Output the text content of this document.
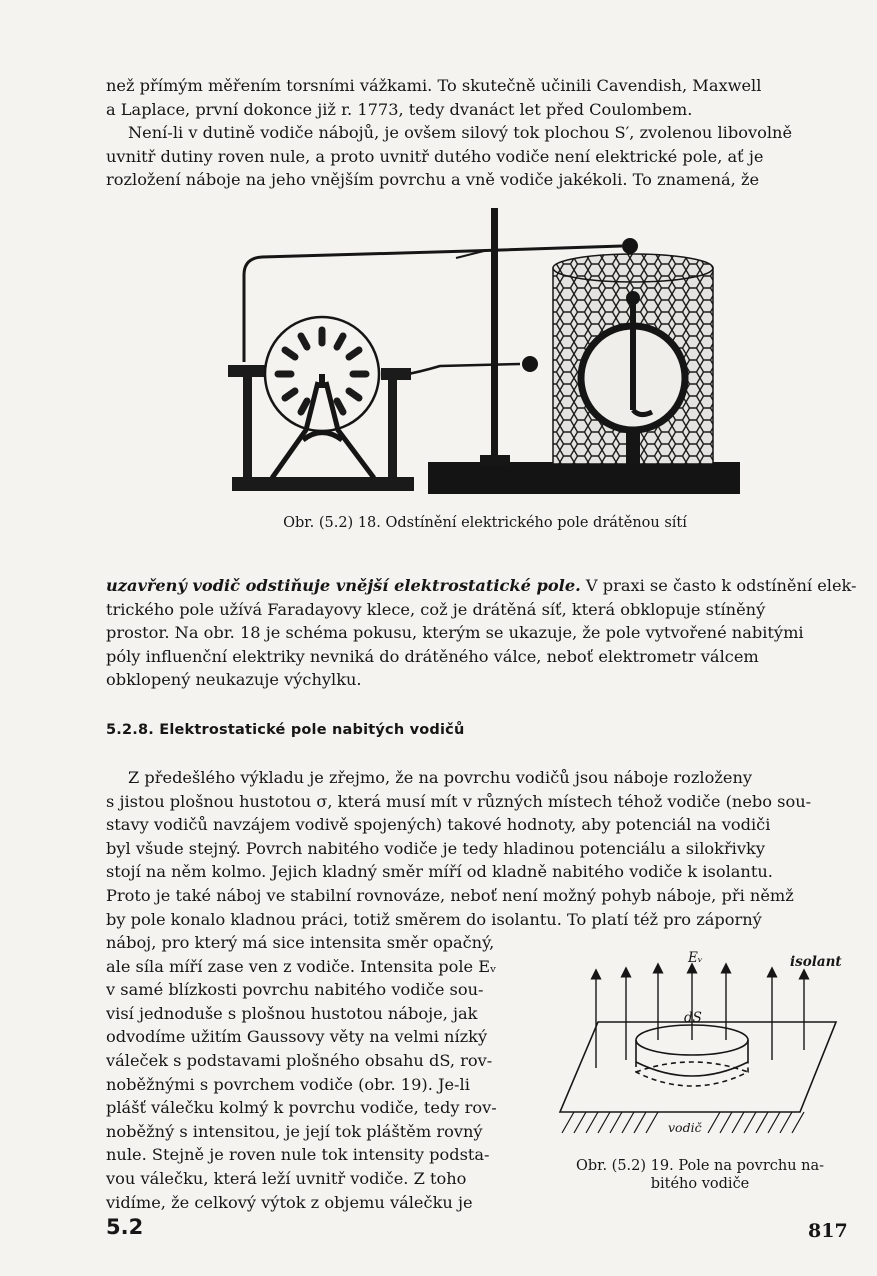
než přímým měřením torsními vážkami. To skutečně učinili Cavendish, Maxwell
a Laplace, první dokonce již r. 1773, tedy dvanáct let před Coulombem.

Není-li v dutině vodiče nábojů, je ovšem silový tok plochou S′, zvolenou libovolně
uvnitř dutiny roven nule, a proto uvnitř dutého vodiče není elektrické pole, ať je
rozložení náboje na jeho vnějším povrchu a vně vodiče jakékoli. To znamená, že

Obr. (5.2) 18. Odstínění elektrického pole drátěnou sítí

uzavřený vodič odstiňuje vnější elektrostatické pole. V praxi se často k odstínění elek-
trického pole užívá Faradayovy klece, což je drátěná síť, která obklopuje stíněný
prostor. Na obr. 18 je schéma pokusu, kterým se ukazuje, že pole vytvořené nabitými
póly influenční elektriky nevniká do drátěného válce, neboť elektrometr válcem
obklopený neukazuje výchylku.

5.2.8. Elektrostatické pole nabitých vodičů

Z předešlého výkladu je zřejmo, že na povrchu vodičů jsou náboje rozloženy
s jistou plošnou hustotou σ, která musí mít v různých místech téhož vodiče (nebo sou-
stavy vodičů navzájem vodivě spojených) takové hodnoty, aby potenciál na vodiči
byl všude stejný. Povrch nabitého vodiče je tedy hladinou potenciálu a silokřivky
stojí na něm kolmo. Jejich kladný směr míří od kladně nabitého vodiče k isolantu.
Proto je také náboj ve stabilní rovnováze, neboť není možný pohyb náboje, při němž
by pole konalo kladnou práci, totiž směrem do isolantu. To platí též pro záporný

náboj, pro který má sice intensita směr opačný,
ale síla míří zase ven z vodiče. Intensita pole Eᵥ
v samé blízkosti povrchu nabitého vodiče sou-
visí jednoduše s plošnou hustotou náboje, jak
odvodíme užitím Gaussovy věty na velmi nízký
váleček s podstavami plošného obsahu dS, rov-
noběžnými s povrchem vodiče (obr. 19). Je-li
plášť válečku kolmý k povrchu vodiče, tedy rov-
noběžný s intensitou, je její tok pláštěm rovný
nule. Stejně je roven nule tok intensity podsta-
vou válečku, která leží uvnitř vodiče. Z toho
vidíme, že celkový výtok z objemu válečku je

Eᵥ	isolant
dS
vodič

Obr. (5.2) 19. Pole na povrchu na-
bitého vodiče

5.2	817
